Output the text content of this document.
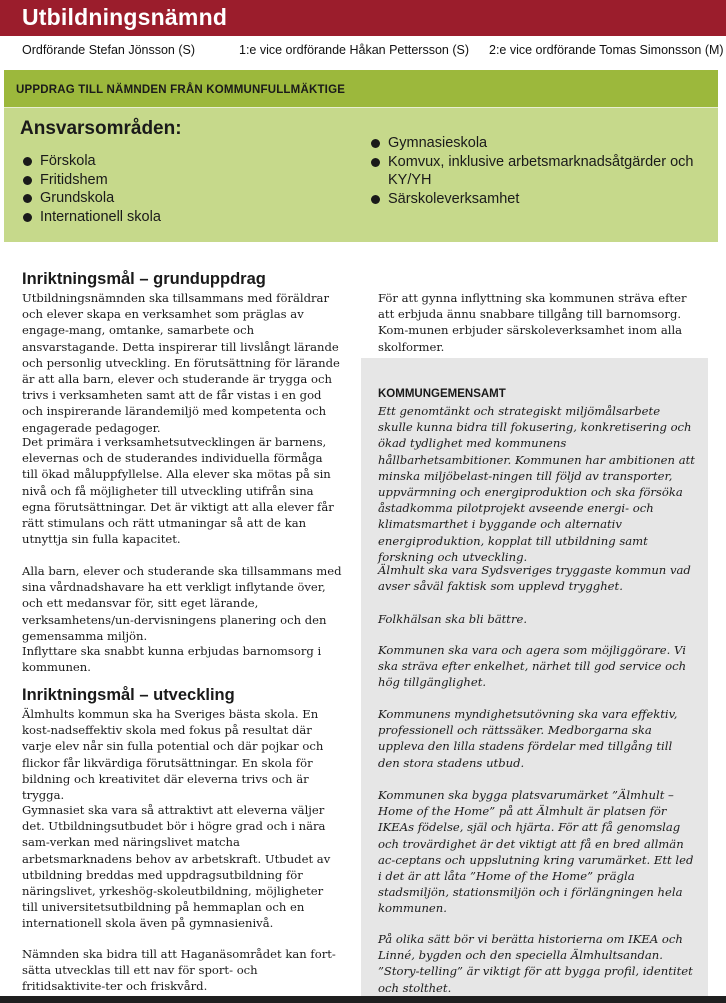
Utbildningsnämnd
Ordförande Stefan Jönsson (S)	1:e vice ordförande Håkan Pettersson (S) 2:e vice ordförande Tomas Simonsson (M)
UPPDRAG TILL NÄMNDEN FRÅN KOMMUNFULLMÄKTIGE
Ansvarsområden:
Förskola
Fritidshem
Grundskola
Internationell skola
Gymnasieskola
Komvux, inklusive arbetsmarknadsåtgärder och KY/YH
Särskoleverksamhet
Inriktningsmål – grunduppdrag

Utbildningsnämnden ska tillsammans med föräldrar och elever skapa en verksamhet som präglas av engage-mang, omtanke, samarbete och ansvarstagande. Detta inspirerar till livslångt lärande och personlig utveckling. En förutsättning för lärande är att alla barn, elever och studerande är trygga och trivs i verksamheten samt att de får vistas i en god och inspirerande lärandemiljö med kompetenta och engagerade pedagoger.

Det primära i verksamhetsutvecklingen är barnens, elevernas och de studerandes individuella förmåga till ökad måluppfyllelse. Alla elever ska mötas på sin nivå och få möjligheter till utveckling utifrån sina egna förutsättningar. Det är viktigt att alla elever får rätt stimulans och rätt utmaningar så att de kan utnyttja sin fulla kapacitet.

Alla barn, elever och studerande ska tillsammans med sina vårdnadshavare ha ett verkligt inflytande över, och ett medansvar för, sitt eget lärande, verksamhetens/un-dervisningens planering och den gemensamma miljön.

Inflyttare ska snabbt kunna erbjudas barnomsorg i kommunen.

Inriktningsmål – utveckling

Älmhults kommun ska ha Sveriges bästa skola. En kost-nadseffektiv skola med fokus på resultat där varje elev når sin fulla potential och där pojkar och flickor får likvärdiga förutsättningar. En skola för bildning och kreativitet där eleverna trivs och är trygga.

Gymnasiet ska vara så attraktivt att eleverna väljer det. Utbildningsutbudet bör i högre grad och i nära sam-verkan med näringslivet matcha arbetsmarknadens behov av arbetskraft. Utbudet av utbildning breddas med uppdragsutbildning för näringslivet, yrkeshög-skoleutbildning, möjligheter till universitetsutbildning på hemmaplan och en internationell skola även på gymnasienivå.

Nämnden ska bidra till att Haganäsområdet kan fort-sätta utvecklas till ett nav för sport- och fritidsaktivite-ter och friskvård.

För att gynna inflyttning ska kommunen sträva efter att erbjuda ännu snabbare tillgång till barnomsorg. Kom-munen erbjuder särskoleverksamhet inom alla skolformer.

KOMMUNGEMENSAMT

Ett genomtänkt och strategiskt miljömålsarbete skulle kunna bidra till fokusering, konkretisering och ökad tydlighet med kommunens hållbarhetsambitioner. Kommunen har ambitionen att minska miljöbelast-ningen till följd av transporter, uppvärmning och energiproduktion och ska försöka åstadkomma pilotprojekt avseende energi- och klimatsmarthet i byggande och alternativ energiproduktion, kopplat till utbildning samt forskning och utveckling.

Älmhult ska vara Sydsveriges tryggaste kommun vad avser såväl faktisk som upplevd trygghet.

Folkhälsan ska bli bättre.

Kommunen ska vara och agera som möjliggörare. Vi ska sträva efter enkelhet, närhet till god service och hög tillgänglighet.

Kommunens myndighetsutövning ska vara effektiv, professionell och rättssäker. Medborgarna ska uppleva den lilla stadens fördelar med tillgång till den stora stadens utbud.

Kommunen ska bygga platsvarumärket ”Älmhult – Home of the Home” på att Älmhult är platsen för IKEAs födelse, själ och hjärta. För att få genomslag och trovärdighet är det viktigt att få en bred allmän ac-ceptans och uppslutning kring varumärket. Ett led i det är att låta ”Home of the Home” prägla stadsmiljön, stationsmiljön och i förlängningen hela kommunen.

På olika sätt bör vi berätta historierna om IKEA och Linné, bygden och den speciella Älmhultsandan. ”Story-telling” är viktigt för att bygga profil, identitet och stolthet.
